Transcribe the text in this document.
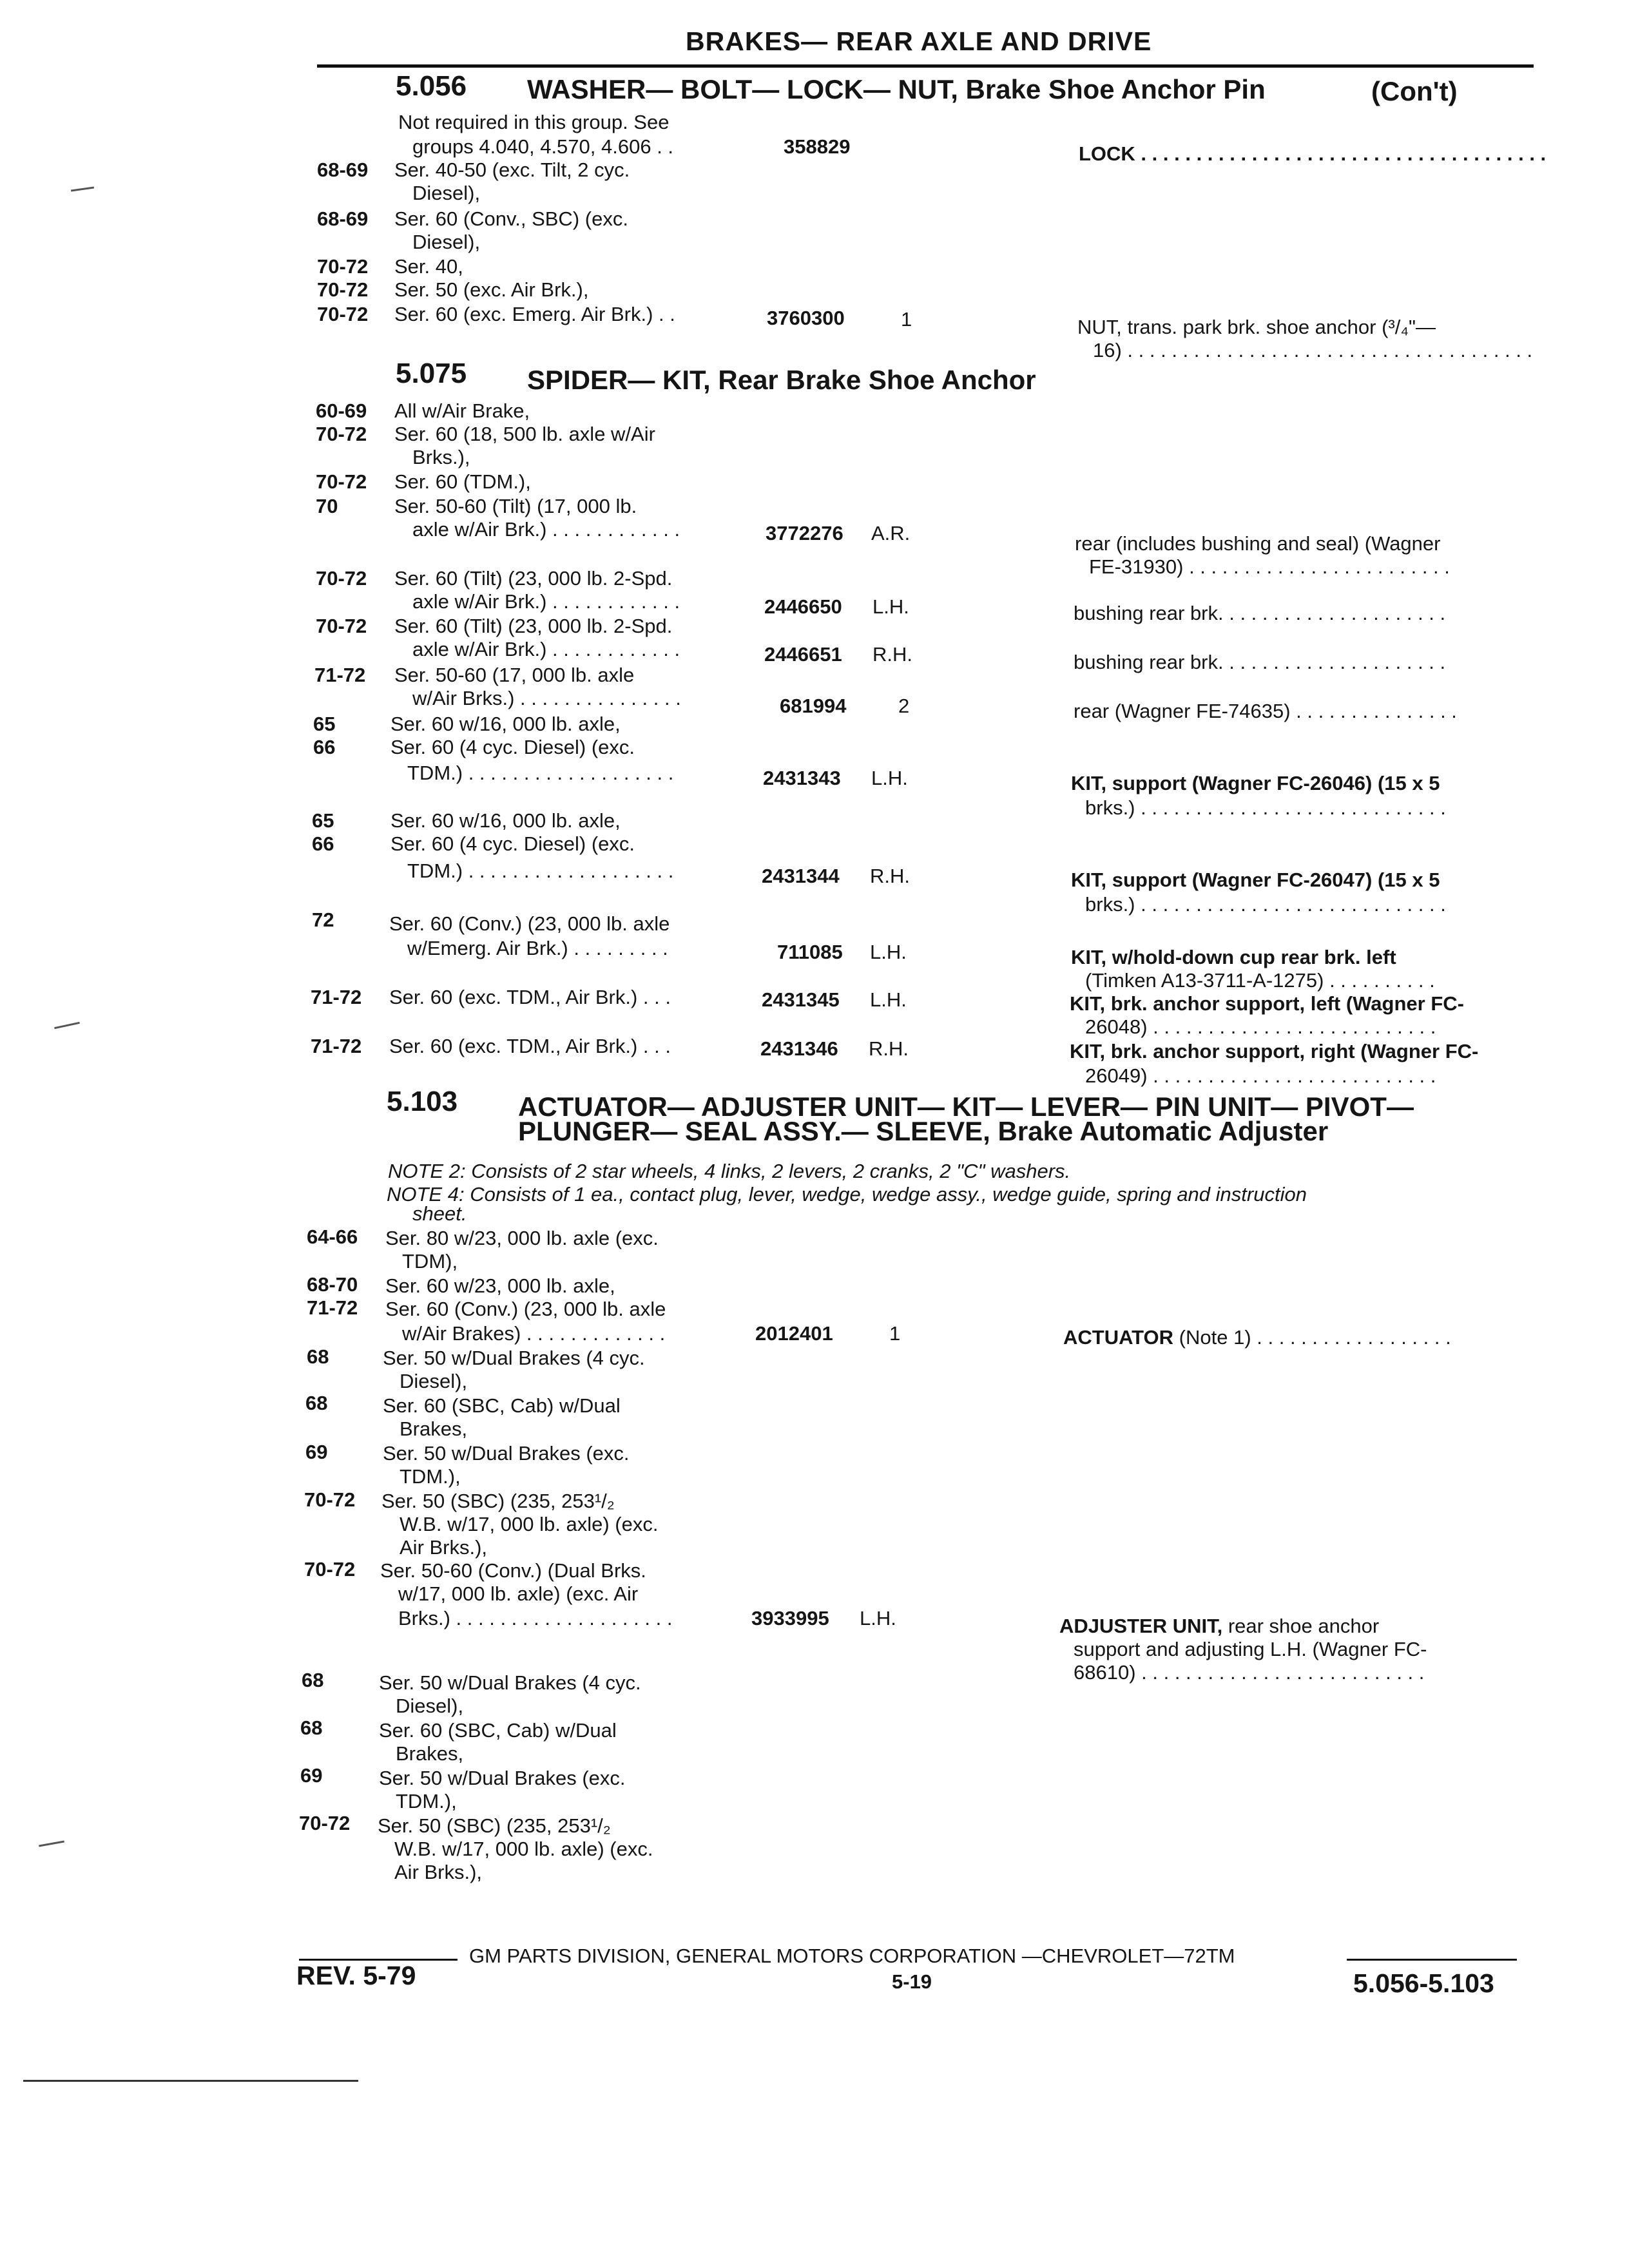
BRAKES— REAR AXLE AND DRIVE
5.056 WASHER— BOLT— LOCK— NUT, Brake Shoe Anchor Pin	(Con't)
Not required in this group. See
groups 4.040, 4.570, 4.606 . .	358829	LOCK . . . . . . . . . . . . . . . . . . . . . . . . . . . . . . . . . . . . .
68-69 Ser. 40-50 (exc. Tilt, 2 cyc.
Diesel),
68-69 Ser. 60 (Conv., SBC) (exc.
Diesel),
70-72 Ser. 40,
70-72 Ser. 50 (exc. Air Brk.),
70-72 Ser. 60 (exc. Emerg. Air Brk.) . .	3760300	1	NUT, trans. park brk. shoe anchor (³/₄"—
16) . . . . . . . . . . . . . . . . . . . . . . . . . . . . . . . . . . . . .
5.075 SPIDER— KIT, Rear Brake Shoe Anchor
60-69 All w/Air Brake,
70-72 Ser. 60 (18, 500 lb. axle w/Air
Brks.),
70-72 Ser. 60 (TDM.),
70	Ser. 50-60 (Tilt) (17, 000 lb.
axle w/Air Brk.) . . . . . . . . . . . .	3772276 A.R.	rear (includes bushing and seal) (Wagner
FE-31930) . . . . . . . . . . . . . . . . . . . . . . . .
70-72 Ser. 60 (Tilt) (23, 000 lb. 2-Spd.
axle w/Air Brk.) . . . . . . . . . . . .	2446650 L.H.	bushing rear brk. . . . . . . . . . . . . . . . . . . . .
70-72 Ser. 60 (Tilt) (23, 000 lb. 2-Spd.
axle w/Air Brk.) . . . . . . . . . . . .	2446651 R.H.	bushing rear brk. . . . . . . . . . . . . . . . . . . . .
71-72 Ser. 50-60 (17, 000 lb. axle
w/Air Brks.) . . . . . . . . . . . . . . .	681994	2	rear (Wagner FE-74635) . . . . . . . . . . . . . . .
65	Ser. 60 w/16, 000 lb. axle,
66	Ser. 60 (4 cyc. Diesel) (exc.
TDM.) . . . . . . . . . . . . . . . . . . .	2431343 L.H.	KIT, support (Wagner FC-26046) (15 x 5
brks.) . . . . . . . . . . . . . . . . . . . . . . . . . . . .
65	Ser. 60 w/16, 000 lb. axle,
66	Ser. 60 (4 cyc. Diesel) (exc.
TDM.) . . . . . . . . . . . . . . . . . . .	2431344 R.H.	KIT, support (Wagner FC-26047) (15 x 5
brks.) . . . . . . . . . . . . . . . . . . . . . . . . . . . .
72	Ser. 60 (Conv.) (23, 000 lb. axle
w/Emerg. Air Brk.) . . . . . . . . .	711085 L.H.	KIT, w/hold-down cup rear brk. left
(Timken A13-3711-A-1275) . . . . . . . . . .
71-72 Ser. 60 (exc. TDM., Air Brk.) . . .	2431345 L.H.	KIT, brk. anchor support, left (Wagner FC-
26048) . . . . . . . . . . . . . . . . . . . . . . . . . .
71-72 Ser. 60 (exc. TDM., Air Brk.) . . .	2431346 R.H.	KIT, brk. anchor support, right (Wagner FC-
26049) . . . . . . . . . . . . . . . . . . . . . . . . . .
5.103 ACTUATOR— ADJUSTER UNIT— KIT— LEVER— PIN UNIT— PIVOT—
PLUNGER— SEAL ASSY.— SLEEVE, Brake Automatic Adjuster
NOTE 2: Consists of 2 star wheels, 4 links, 2 levers, 2 cranks, 2 "C" washers.
NOTE 4: Consists of 1 ea., contact plug, lever, wedge, wedge assy., wedge guide, spring and instruction
sheet.
64-66 Ser. 80 w/23, 000 lb. axle (exc.
TDM),
68-70 Ser. 60 w/23, 000 lb. axle,
71-72 Ser. 60 (Conv.) (23, 000 lb. axle
w/Air Brakes) . . . . . . . . . . . . .	2012401	1	ACTUATOR (Note 1) . . . . . . . . . . . . . . . . . .
68	Ser. 50 w/Dual Brakes (4 cyc.
Diesel),
68	Ser. 60 (SBC, Cab) w/Dual
Brakes,
69	Ser. 50 w/Dual Brakes (exc.
TDM.),
70-72 Ser. 50 (SBC) (235, 253¹/₂
W.B. w/17, 000 lb. axle) (exc.
Air Brks.),
70-72 Ser. 50-60 (Conv.) (Dual Brks.
w/17, 000 lb. axle) (exc. Air
Brks.) . . . . . . . . . . . . . . . . . . . .	3933995 L.H.	ADJUSTER UNIT, rear shoe anchor
support and adjusting L.H. (Wagner FC-
68610) . . . . . . . . . . . . . . . . . . . . . . . . . .
68	Ser. 50 w/Dual Brakes (4 cyc.
Diesel),
68	Ser. 60 (SBC, Cab) w/Dual
Brakes,
69	Ser. 50 w/Dual Brakes (exc.
TDM.),
70-72 Ser. 50 (SBC) (235, 253¹/₂
W.B. w/17, 000 lb. axle) (exc.
Air Brks.),
GM PARTS DIVISION, GENERAL MOTORS CORPORATION —CHEVROLET—72TM
REV. 5-79	5-19	5.056-5.103
